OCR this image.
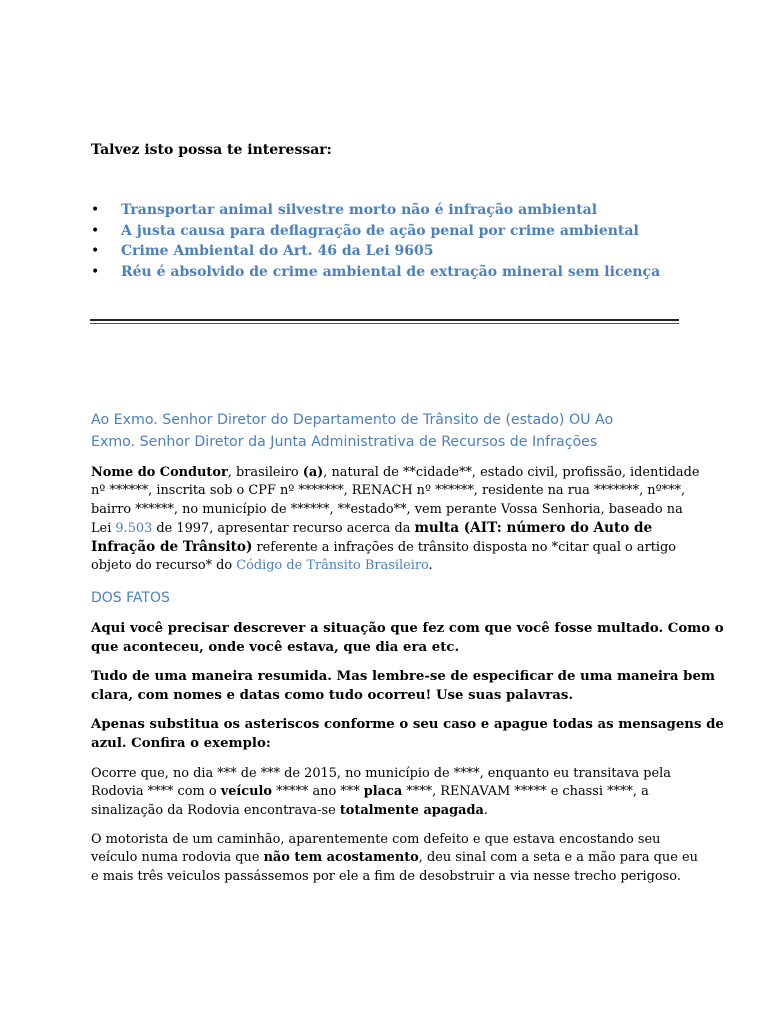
Talvez isto possa te interessar:
• Transportar animal silvestre morto não é infração ambiental
• A justa causa para deflagração de ação penal por crime ambiental
• Crime Ambiental do Art. 46 da Lei 9605
• Réu é absolvido de crime ambiental de extração mineral sem licença
Ao Exmo. Senhor Diretor do Departamento de Trânsito de (estado) OU Ao
Exmo. Senhor Diretor da Junta Administrativa de Recursos de Infrações
Nome do Condutor, brasileiro (a), natural de **cidade**, estado civil, profissão, identidade
nº ******, inscrita sob o CPF nº *******, RENACH nº ******, residente na rua *******, nº***,
bairro ******, no município de ******, **estado**, vem perante Vossa Senhoria, baseado na
Lei 9.503 de 1997, apresentar recurso acerca da multa (AIT: número do Auto de
Infração de Trânsito) referente a infrações de trânsito disposta no *citar qual o artigo
objeto do recurso* do Código de Trânsito Brasileiro.
DOS FATOS
Aqui você precisar descrever a situação que fez com que você fosse multado. Como o
que aconteceu, onde você estava, que dia era etc.
Tudo de uma maneira resumida. Mas lembre-se de especificar de uma maneira bem
clara, com nomes e datas como tudo ocorreu! Use suas palavras.
Apenas substitua os asteriscos conforme o seu caso e apague todas as mensagens de
azul. Confira o exemplo:
Ocorre que, no dia *** de *** de 2015, no município de ****, enquanto eu transitava pela
Rodovia **** com o veículo ***** ano *** placa ****, RENAVAM ***** e chassi ****, a
sinalização da Rodovia encontrava-se totalmente apagada.
O motorista de um caminhão, aparentemente com defeito e que estava encostando seu
veículo numa rodovia que não tem acostamento, deu sinal com a seta e a mão para que eu
e mais três veiculos passássemos por ele a fim de desobstruir a via nesse trecho perigoso.
